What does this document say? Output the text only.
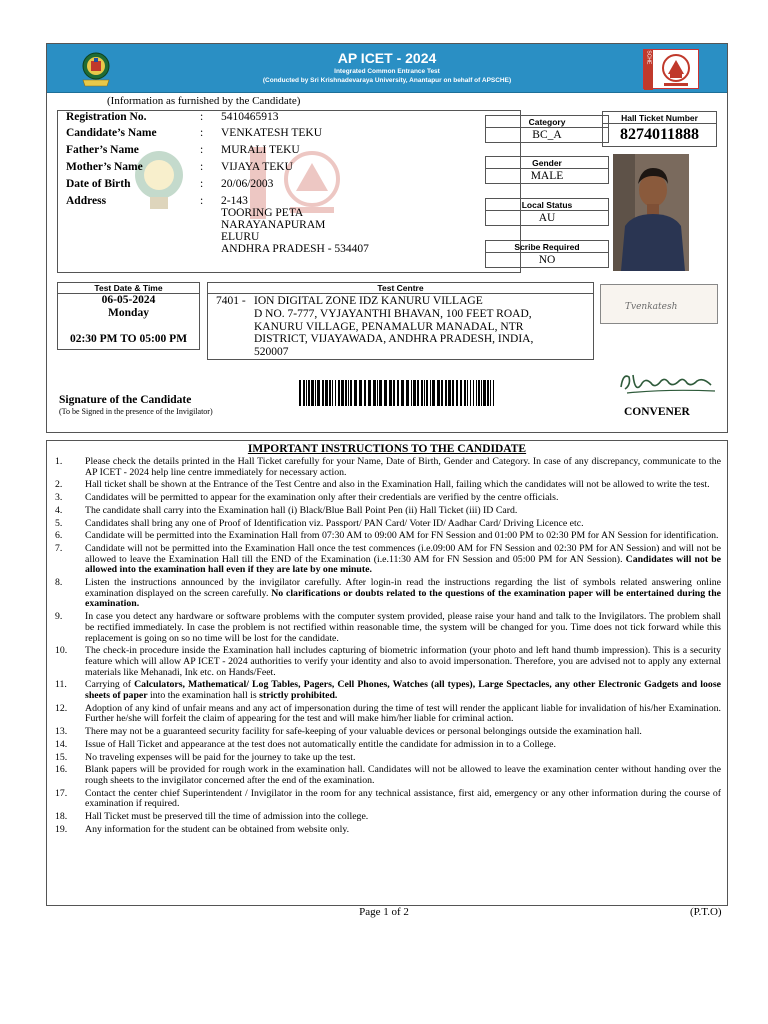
AP ICET - 2024
Integrated Common Entrance Test
(Conducted by Sri Krishnadevaraya University, Anantapur on behalf of APSCHE)
APSCHE
(Information as furnished by the Candidate)
Registration No.	: 5410465913
Candidate’s Name	: VENKATESH TEKU
Father’s Name	: MURALI TEKU
Mother’s Name	: VIJAYA TEKU
Date of Birth	: 20/06/2003
Address	: 2-143
TOORING PETA
NARAYANAPURAM
ELURU
ANDHRA PRADESH - 534407
Category
BC_A
Gender
MALE
Local Status
AU
Scribe Required
NO
Hall Ticket Number
8274011888
Test Date & Time
06-05-2024
Monday
02:30 PM TO 05:00 PM
Test Centre
7401 - ION DIGITAL ZONE IDZ KANURU VILLAGE
D NO. 7-777, VYJAYANTHI BHAVAN, 100 FEET ROAD,
KANURU VILLAGE, PENAMALUR MANADAL, NTR
DISTRICT, VIJAYAWADA, ANDHRA PRADESH, INDIA,
520007
Tvenkatesh
Signature of the Candidate
(To be Signed in the presence of the Invigilator)	CONVENER
IMPORTANT INSTRUCTIONS TO THE CANDIDATE
1. Please check the details printed in the Hall Ticket carefully for your Name, Date of Birth, Gender and Category. In case of any discrepancy, communicate to the AP ICET - 2024 help line centre immediately for necessary action.
2. Hall ticket shall be shown at the Entrance of the Test Centre and also in the Examination Hall, failing which the candidates will not be allowed to write the test.
3. Candidates will be permitted to appear for the examination only after their credentials are verified by the centre officials.
4. The candidate shall carry into the Examination hall (i) Black/Blue Ball Point Pen (ii) Hall Ticket (iii) ID Card.
5. Candidates shall bring any one of Proof of Identification viz. Passport/ PAN Card/ Voter ID/ Aadhar Card/ Driving Licence etc.
6. Candidate will be permitted into the Examination Hall from 07:30 AM to 09:00 AM for FN Session and 01:00 PM to 02:30 PM for AN Session for identification.
7. Candidate will not be permitted into the Examination Hall once the test commences (i.e.09:00 AM for FN Session and 02:30 PM for AN Session) and will not be allowed to leave the Examination Hall till the END of the Examination (i.e.11:30 AM for FN Session and 05:00 PM for AN Session). Candidates will not be allowed into the examination hall even if they are late by one minute.
8. Listen the instructions announced by the invigilator carefully. After login-in read the instructions regarding the list of symbols related answering online examination displayed on the screen carefully. No clarifications or doubts related to the questions of the examination paper will be entertained during the examination.
9. In case you detect any hardware or software problems with the computer system provided, please raise your hand and talk to the Invigilators. The problem shall be rectified immediately. In case the problem is not rectified within reasonable time, the system will be changed for you. Time does not tick forward while this replacement is going on so no time will be lost for the candidate.
10. The check-in procedure inside the Examination hall includes capturing of biometric information (your photo and left hand thumb impression). This is a security feature which will allow AP ICET - 2024 authorities to verify your identity and also to avoid impersonation. Therefore, you are advised not to apply any external materials like Mehanadi, Ink etc. on Hands/Feet.
11. Carrying of Calculators, Mathematical/ Log Tables, Pagers, Cell Phones, Watches (all types), Large Spectacles, any other Electronic Gadgets and loose sheets of paper into the examination hall is strictly prohibited.
12. Adoption of any kind of unfair means and any act of impersonation during the time of test will render the applicant liable for invalidation of his/her Examination. Further he/she will forfeit the claim of appearing for the test and will make him/her liable for criminal action.
13. There may not be a guaranteed security facility for safe-keeping of your valuable devices or personal belongings outside the examination hall.
14. Issue of Hall Ticket and appearance at the test does not automatically entitle the candidate for admission in to a College.
15. No traveling expenses will be paid for the journey to take up the test.
16. Blank papers will be provided for rough work in the examination hall. Candidates will not be allowed to leave the examination center without handing over the rough sheets to the invigilator concerned after the end of the examination.
17. Contact the center chief Superintendent / Invigilator in the room for any technical assistance, first aid, emergency or any other information during the course of examination if required.
18. Hall Ticket must be preserved till the time of admission into the college.
19. Any information for the student can be obtained from website only.
Page 1 of 2	(P.T.O)
